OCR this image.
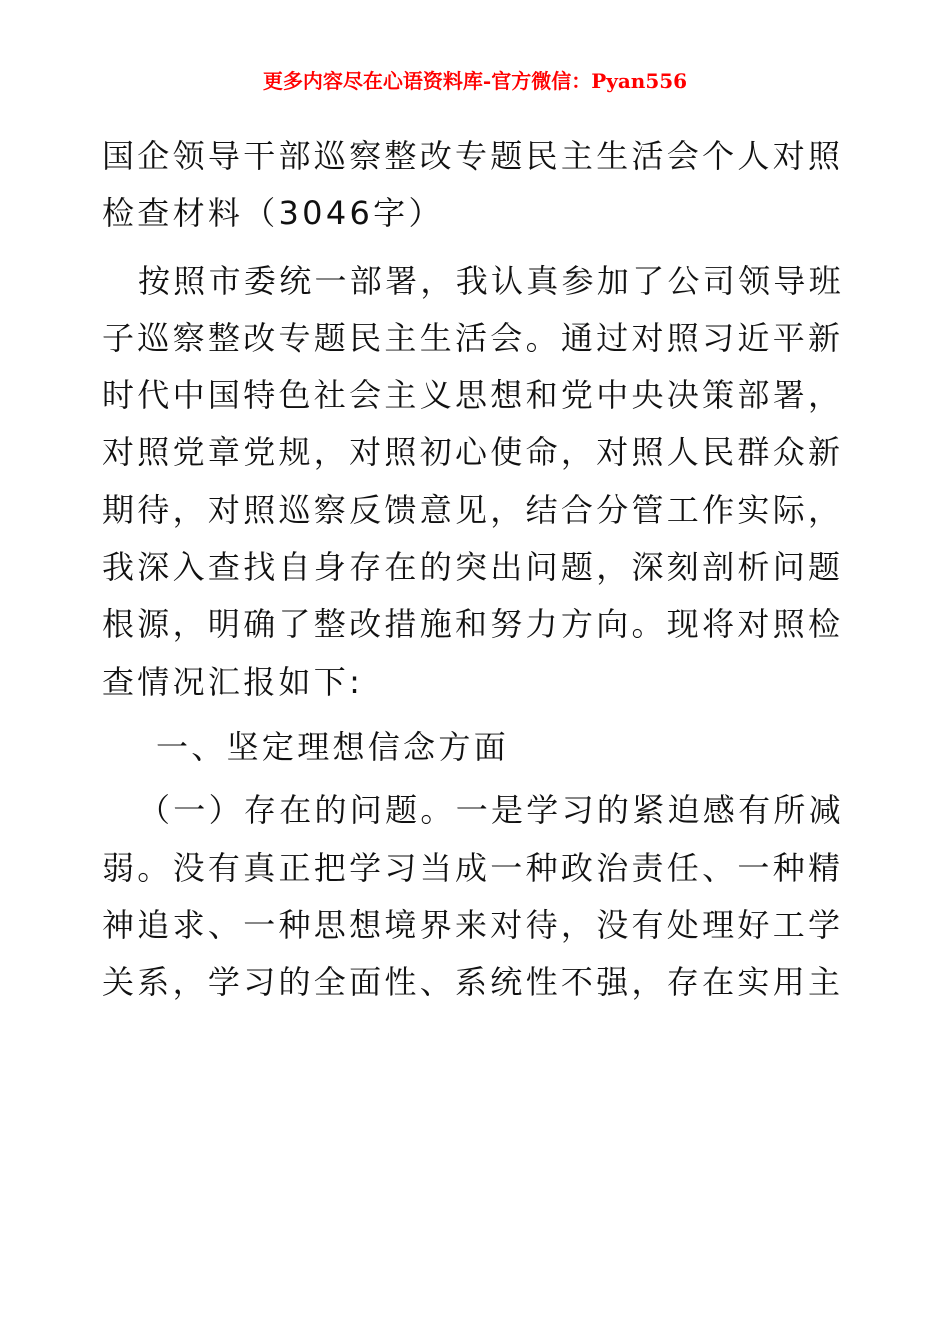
更多内容尽在心语资料库-官方微信：Pyan556
国企领导干部巡察整改专题民主生活会个人对照检查材料（3046字）

按照市委统一部署，我认真参加了公司领导班子巡察整改专题民主生活会。通过对照习近平新时代中国特色社会主义思想和党中央决策部署，对照党章党规，对照初心使命，对照人民群众新期待，对照巡察反馈意见，结合分管工作实际，我深入查找自身存在的突出问题，深刻剖析问题根源，明确了整改措施和努力方向。现将对照检查情况汇报如下:

一、坚定理想信念方面

（一）存在的问题。一是学习的紧迫感有所减弱。没有真正把学习当成一种政治责任、一种精神追求、一种思想境界来对待，没有处理好工学关系，学习的全面性、系统性不强，存在实用主
